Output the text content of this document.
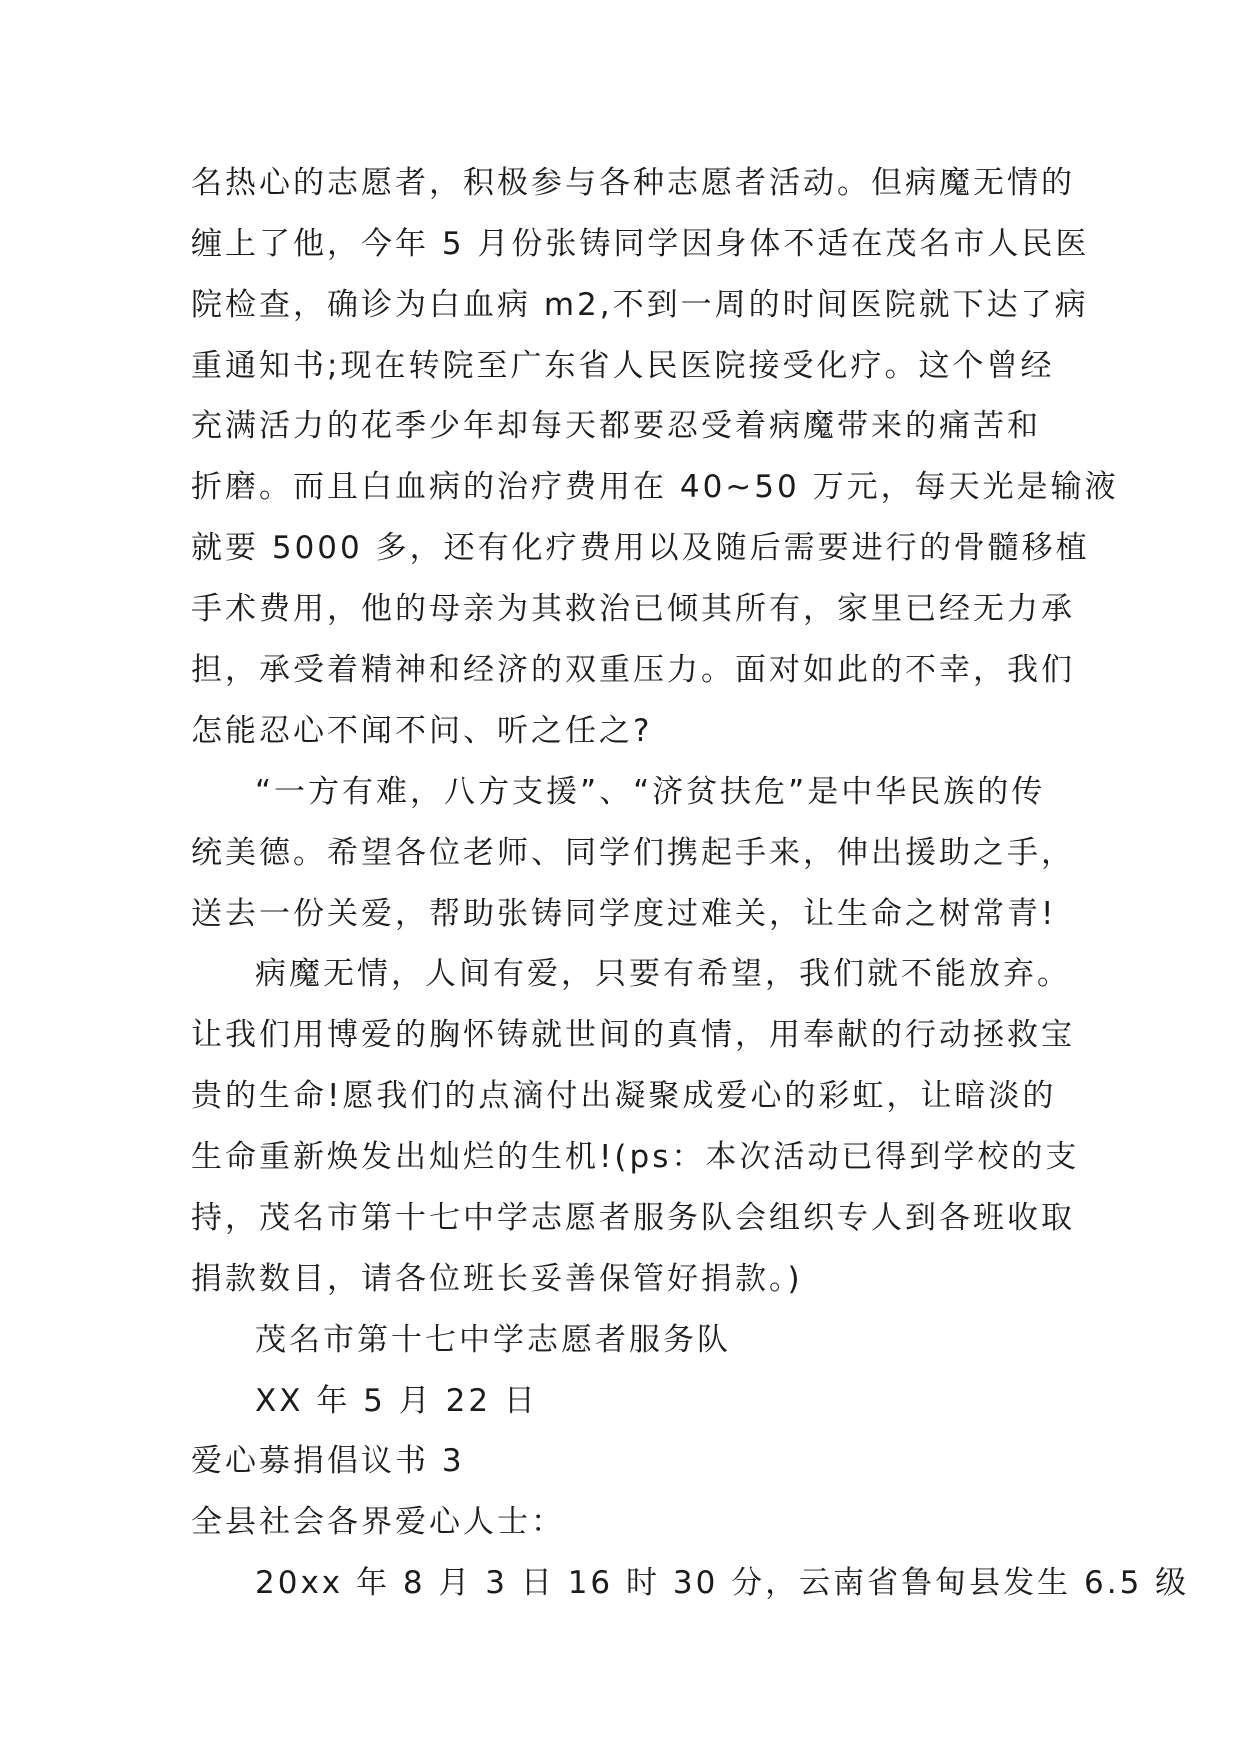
名热心的志愿者，积极参与各种志愿者活动。但病魔无情的
缠上了他，今年 5 月份张铸同学因身体不适在茂名市人民医
院检查，确诊为白血病 m2,不到一周的时间医院就下达了病
重通知书;现在转院至广东省人民医院接受化疗。这个曾经
充满活力的花季少年却每天都要忍受着病魔带来的痛苦和
折磨。而且白血病的治疗费用在 40~50 万元，每天光是输液
就要 5000 多，还有化疗费用以及随后需要进行的骨髓移植
手术费用，他的母亲为其救治已倾其所有，家里已经无力承
担，承受着精神和经济的双重压力。面对如此的不幸，我们
怎能忍心不闻不问、听之任之?
“一方有难，八方支援”、“济贫扶危”是中华民族的传
统美德。希望各位老师、同学们携起手来，伸出援助之手，
送去一份关爱，帮助张铸同学度过难关，让生命之树常青!
病魔无情，人间有爱，只要有希望，我们就不能放弃。
让我们用博爱的胸怀铸就世间的真情，用奉献的行动拯救宝
贵的生命!愿我们的点滴付出凝聚成爱心的彩虹，让暗淡的
生命重新焕发出灿烂的生机!(ps：本次活动已得到学校的支
持，茂名市第十七中学志愿者服务队会组织专人到各班收取
捐款数目，请各位班长妥善保管好捐款。)
茂名市第十七中学志愿者服务队
XX 年 5 月 22 日
爱心募捐倡议书 3
全县社会各界爱心人士：
20xx 年 8 月 3 日 16 时 30 分，云南省鲁甸县发生 6.5 级
